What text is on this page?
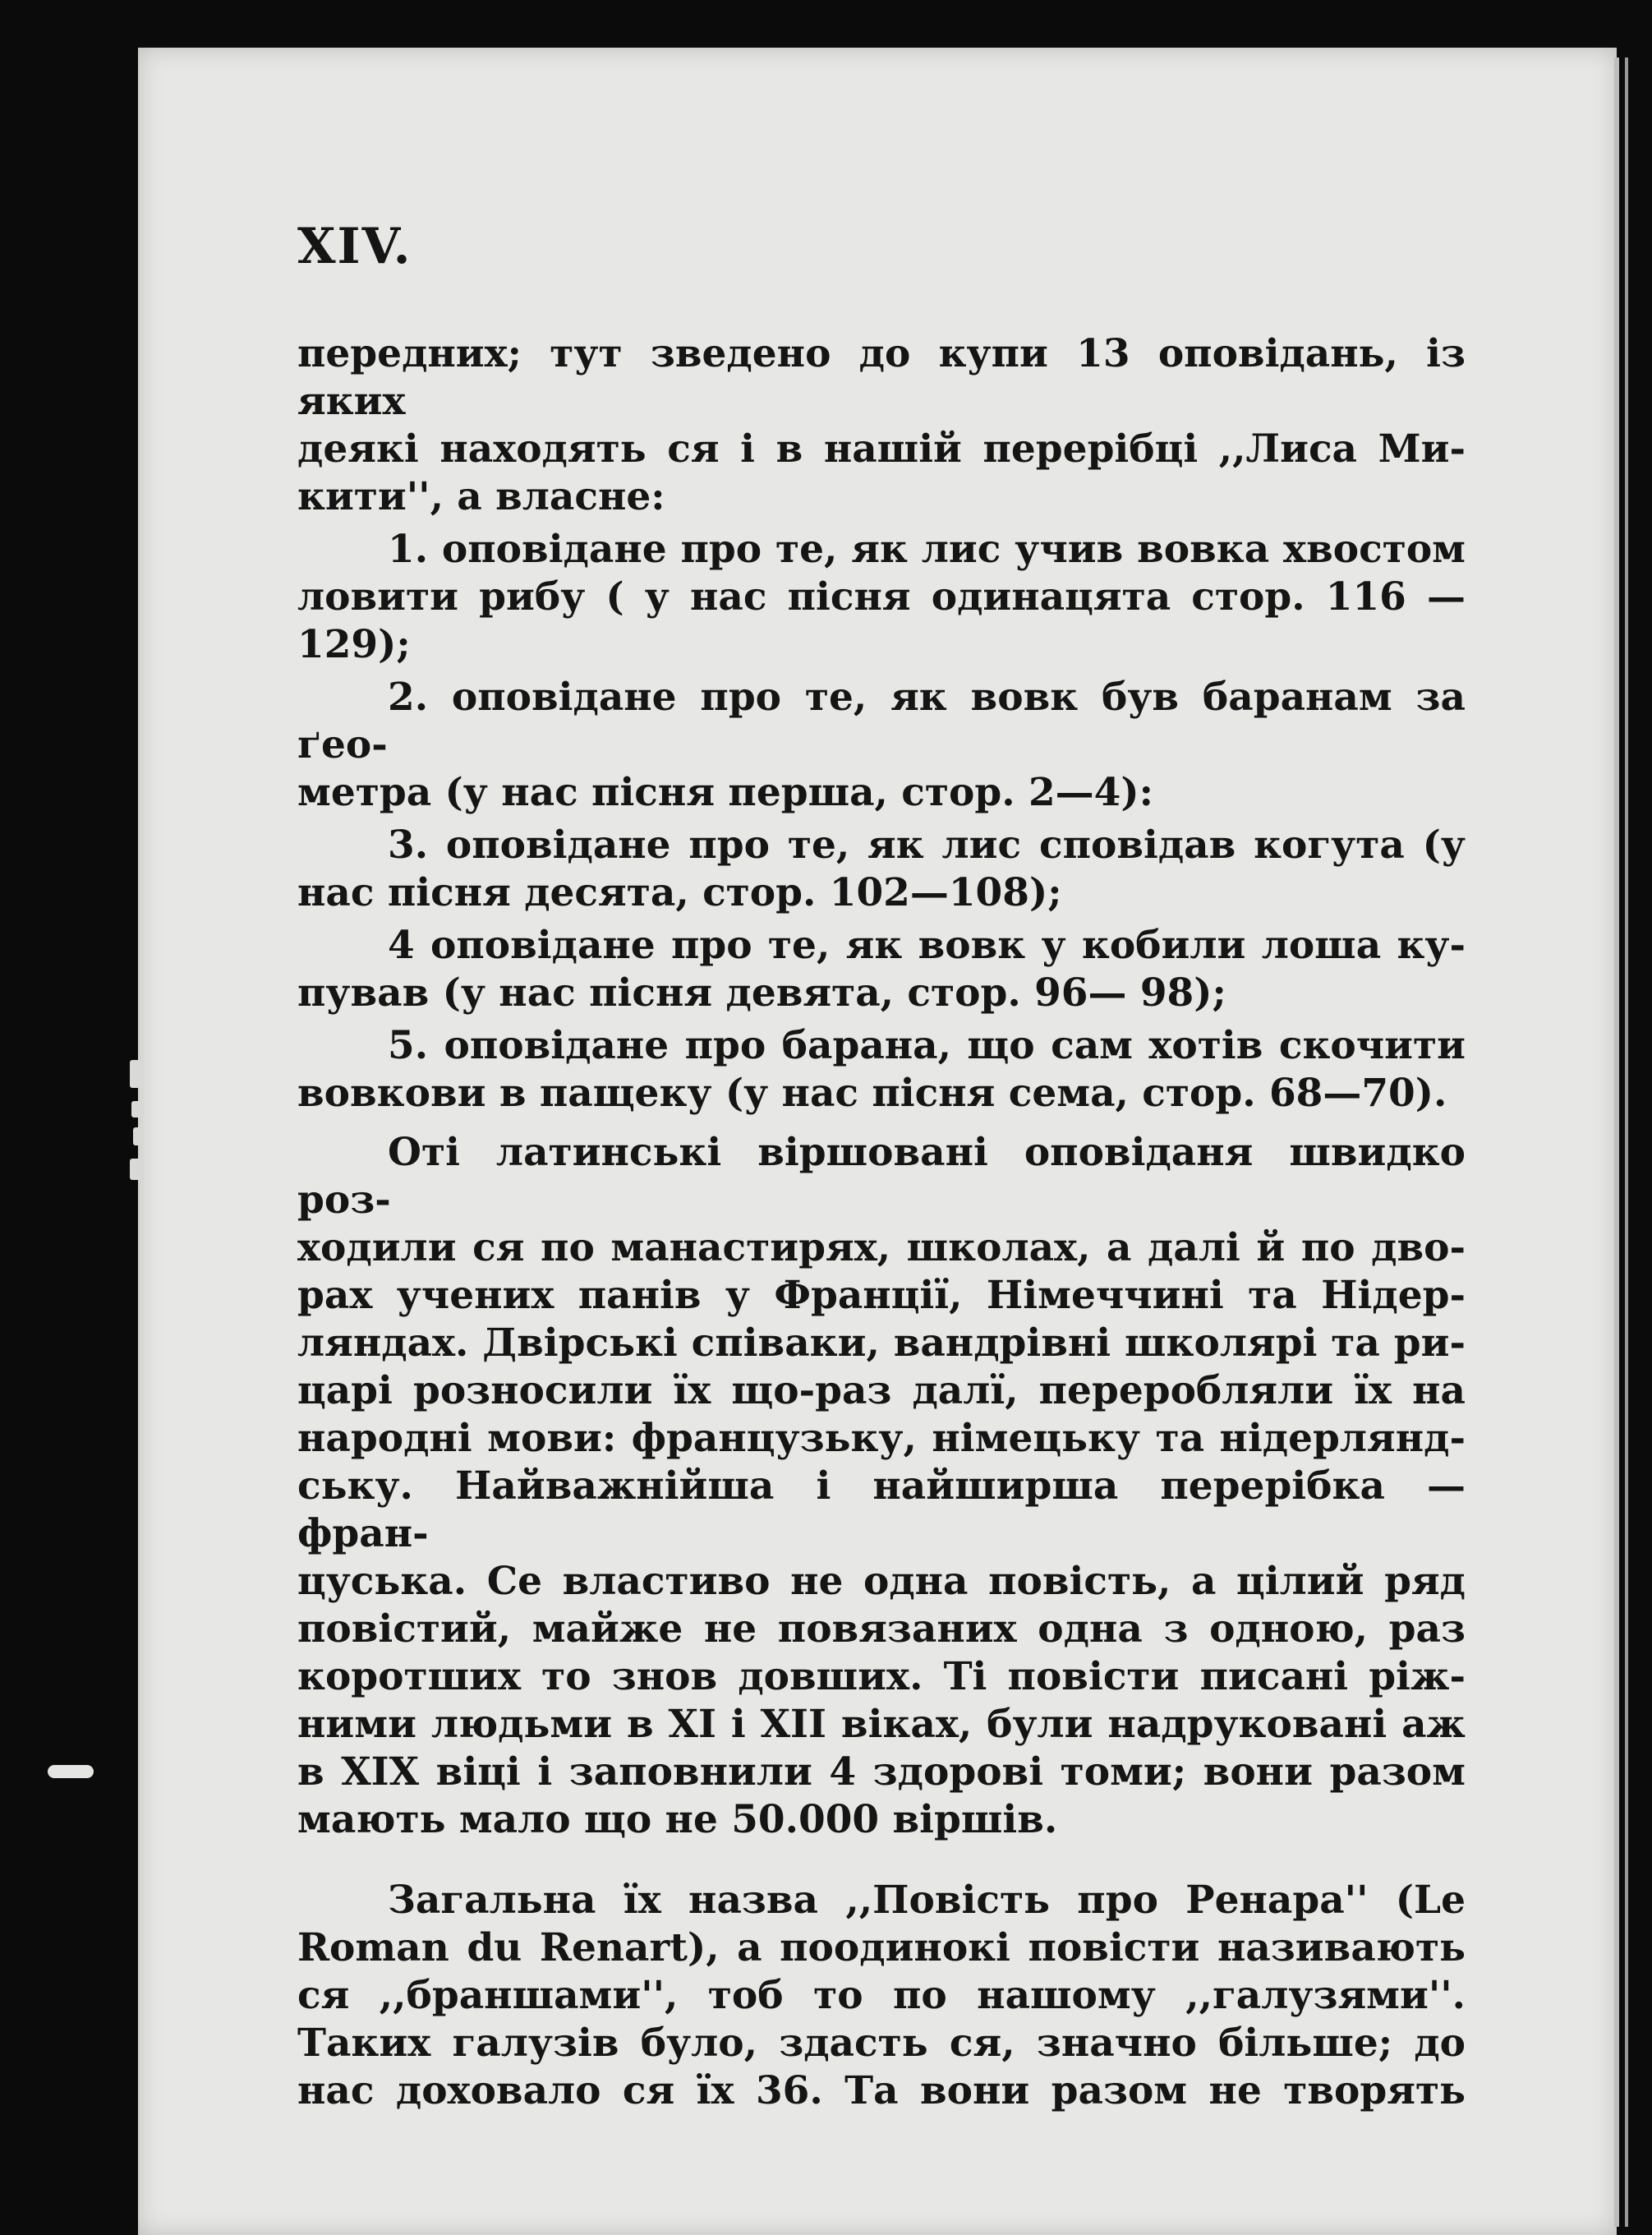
XIV.

передних; тут зведено до купи 13 оповідань, із яких

деякі находять ся і в нашій перерібці ,,Лиса Ми-

кити'', а власне:

1. оповідане про те, як лис учив вовка хвостом

ловити рибу ( у нас пісня одинацята стор. 116 —

129);

2. оповідане про те, як вовк був баранам за ґео-

метра (у нас пісня перша, стор. 2—4):

3. оповідане про те, як лис сповідав когута (у

нас пісня десята, стор. 102—108);

4 оповідане про те, як вовк у кобили лоша ку-

пував (у нас пісня девята, стор. 96— 98);

5. оповідане про барана, що сам хотів скочити

вовкови в пащеку (у нас пісня сема, стор. 68—70).

Оті латинські віршовані оповіданя швидко роз-

ходили ся по манастирях, школах, а далі й по дво-

рах учених панів у Франції, Німеччині та Нідер-

ляндах. Двірські співаки, вандрівні школярі та ри-

царі розносили їх що-раз далї, переробляли їх на

народні мови: французьку, німецьку та нідерлянд-

ську. Найважнійша і найширша перерібка — фран-

цуська. Се властиво не одна повість, а цілий ряд

повістий, майже не повязаних одна з одною, раз

коротших то знов довших. Ті повісти писані ріж-

ними людьми в XI і XII віках, були надруковані аж

в XIX віці і заповнили 4 здорові томи; вони разом

мають мало що не 50.000 віршів.

Загальна їх назва ,,Повість про Ренара'' (Le

Roman du Renart), а поодинокі повісти називають

ся ,,браншами'', тоб то по нашому ,,галузями''.

Таких галузів було, здасть ся, значно більше; до

нас доховало ся їх 36. Та вони разом не творять
